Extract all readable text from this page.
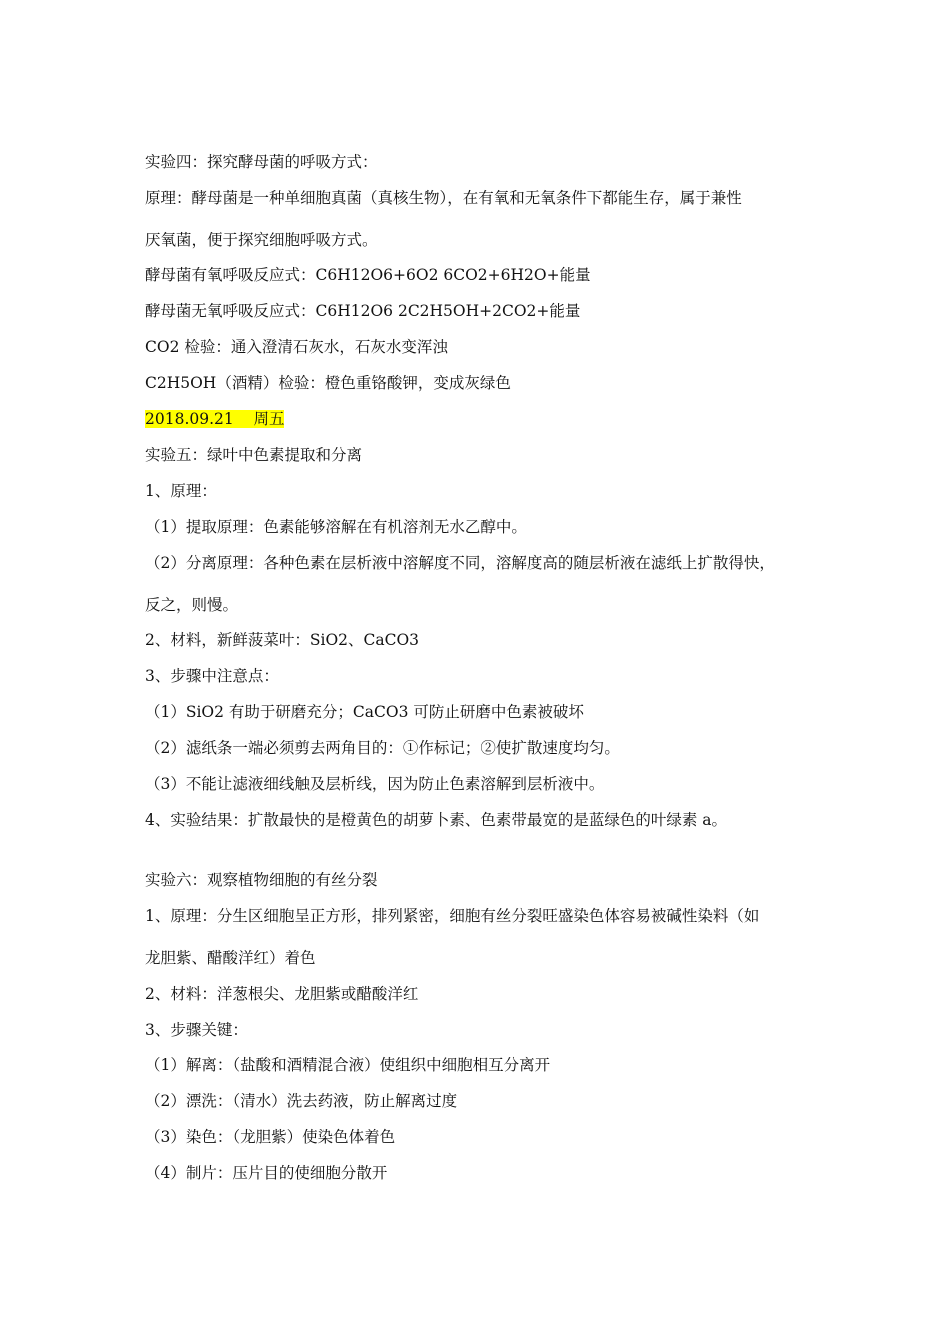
实验四：探究酵母菌的呼吸方式：
原理：酵母菌是一种单细胞真菌（真核生物），在有氧和无氧条件下都能生存，属于兼性
厌氧菌，便于探究细胞呼吸方式。
酵母菌有氧呼吸反应式：C6H12O6+6O2 6CO2+6H2O+能量
酵母菌无氧呼吸反应式：C6H12O6 2C2H5OH+2CO2+能量
CO2 检验：通入澄清石灰水，石灰水变浑浊
C2H5OH（酒精）检验：橙色重铬酸钾，变成灰绿色
2018.09.21    周五
实验五：绿叶中色素提取和分离
1、原理：
（1）提取原理：色素能够溶解在有机溶剂无水乙醇中。
（2）分离原理：各种色素在层析液中溶解度不同，溶解度高的随层析液在滤纸上扩散得快，
反之，则慢。
2、材料，新鲜菠菜叶：SiO2、CaCO3
3、步骤中注意点：
（1）SiO2 有助于研磨充分；CaCO3 可防止研磨中色素被破坏
（2）滤纸条一端必须剪去两角目的：①作标记；②使扩散速度均匀。
（3）不能让滤液细线触及层析线，因为防止色素溶解到层析液中。
4、实验结果：扩散最快的是橙黄色的胡萝卜素、色素带最宽的是蓝绿色的叶绿素 a。
实验六：观察植物细胞的有丝分裂
1、原理：分生区细胞呈正方形，排列紧密，细胞有丝分裂旺盛染色体容易被碱性染料（如
龙胆紫、醋酸洋红）着色
2、材料：洋葱根尖、龙胆紫或醋酸洋红
3、步骤关键：
（1）解离：（盐酸和酒精混合液）使组织中细胞相互分离开
（2）漂洗：（清水）洗去药液，防止解离过度
（3）染色：（龙胆紫）使染色体着色
（4）制片：压片目的使细胞分散开
